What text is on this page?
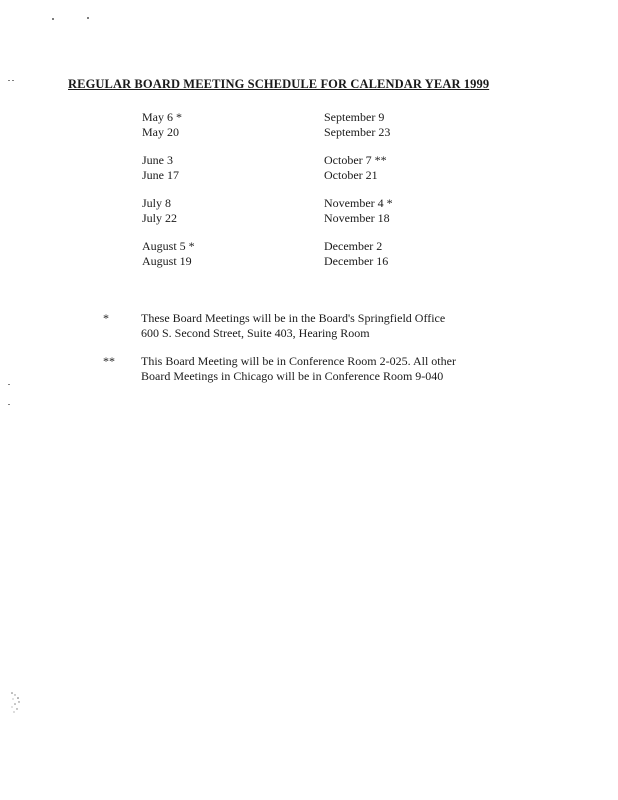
REGULAR BOARD MEETING SCHEDULE FOR CALENDAR YEAR 1999
May 6 *
May 20
June 3
June 17
July 8
July 22
August 5 *
August 19
September 9
September 23
October 7 **
October 21
November 4 *
November 18
December 2
December 16
*	These Board Meetings will be in the Board's Springfield Office
600 S. Second Street, Suite 403, Hearing Room
**	This Board Meeting will be in Conference Room 2-025. All other
Board Meetings in Chicago will be in Conference Room 9-040
